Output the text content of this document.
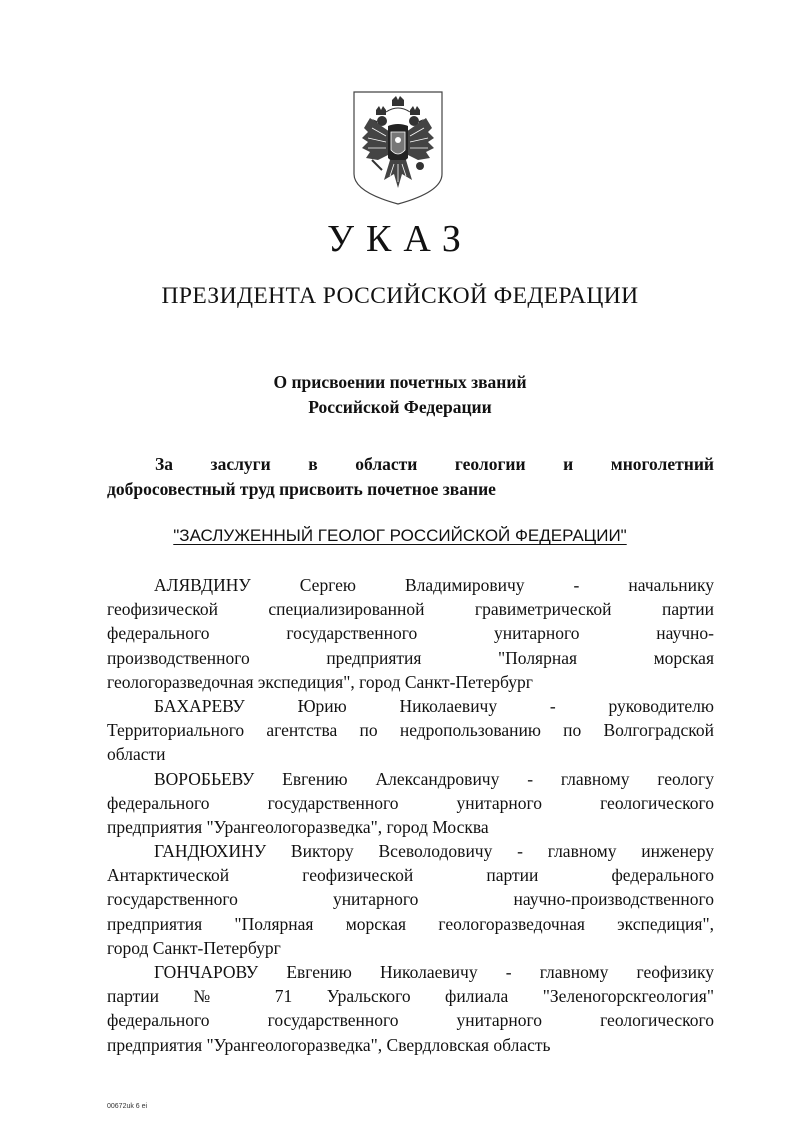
УКАЗ
ПРЕЗИДЕНТА РОССИЙСКОЙ ФЕДЕРАЦИИ
О присвоении почетных званий
Российской Федерации
За заслуги в области геологии и многолетний
добросовестный труд присвоить почетное звание
"ЗАСЛУЖЕННЫЙ ГЕОЛОГ РОССИЙСКОЙ ФЕДЕРАЦИИ"
АЛЯВДИНУ Сергею Владимировичу - начальнику
геофизической специализированной гравиметрической партии
федерального государственного унитарного научно-
производственного предприятия "Полярная морская
геологоразведочная экспедиция", город Санкт-Петербург
БАХАРЕВУ Юрию Николаевичу - руководителю
Территориального агентства по недропользованию по Волгоградской
области
ВОРОБЬЕВУ Евгению Александровичу - главному геологу
федерального государственного унитарного геологического
предприятия "Урангеологоразведка", город Москва
ГАНДЮХИНУ Виктору Всеволодовичу - главному инженеру
Антарктической геофизической партии федерального
государственного унитарного научно-производственного
предприятия "Полярная морская геологоразведочная экспедиция",
город Санкт-Петербург
ГОНЧАРОВУ Евгению Николаевичу - главному геофизику
партии № 71 Уральского филиала "Зеленогорскгеология"
федерального государственного унитарного геологического
предприятия "Урангеологоразведка", Свердловская область
00672uk 6 ei
